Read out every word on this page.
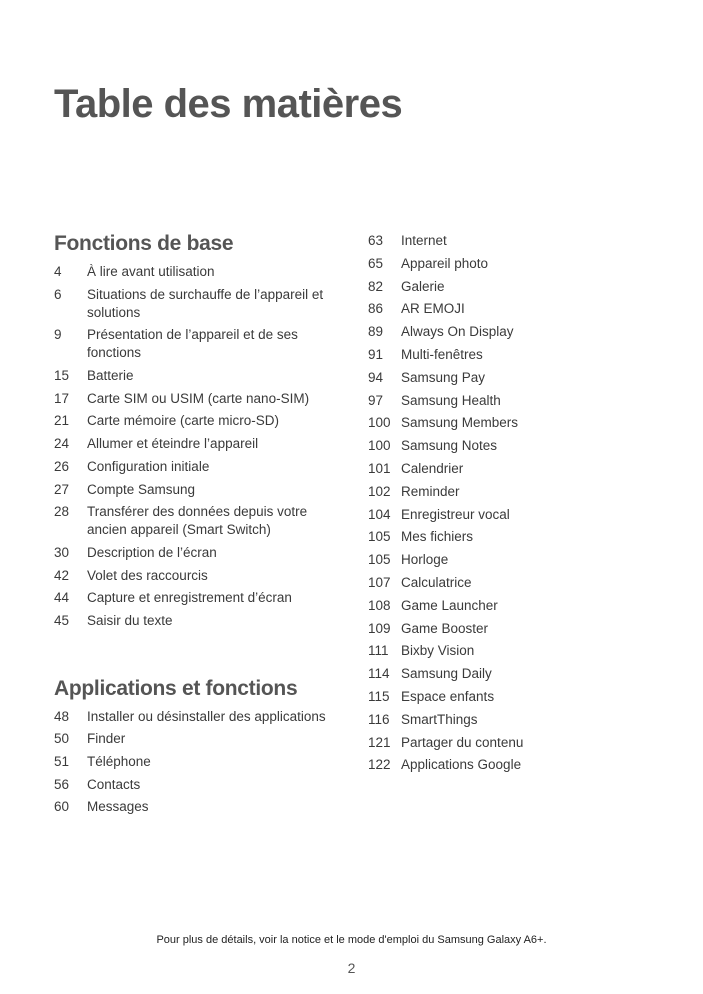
Table des matières
Fonctions de base
4	À lire avant utilisation
6	Situations de surchauffe de l’appareil et solutions
9	Présentation de l’appareil et de ses fonctions
15	Batterie
17	Carte SIM ou USIM (carte nano-SIM)
21	Carte mémoire (carte micro-SD)
24	Allumer et éteindre l’appareil
26	Configuration initiale
27	Compte Samsung
28	Transférer des données depuis votre ancien appareil (Smart Switch)
30	Description de l’écran
42	Volet des raccourcis
44	Capture et enregistrement d’écran
45	Saisir du texte
Applications et fonctions
48	Installer ou désinstaller des applications
50	Finder
51	Téléphone
56	Contacts
60	Messages
63	Internet
65	Appareil photo
82	Galerie
86	AR EMOJI
89	Always On Display
91	Multi-fenêtres
94	Samsung Pay
97	Samsung Health
100 Samsung Members
100 Samsung Notes
101 Calendrier
102 Reminder
104 Enregistreur vocal
105 Mes fichiers
105 Horloge
107 Calculatrice
108 Game Launcher
109 Game Booster
111 Bixby Vision
114 Samsung Daily
115 Espace enfants
116 SmartThings
121 Partager du contenu
122 Applications Google
Pour plus de détails, voir la notice et le mode d'emploi du Samsung Galaxy A6+.
2
